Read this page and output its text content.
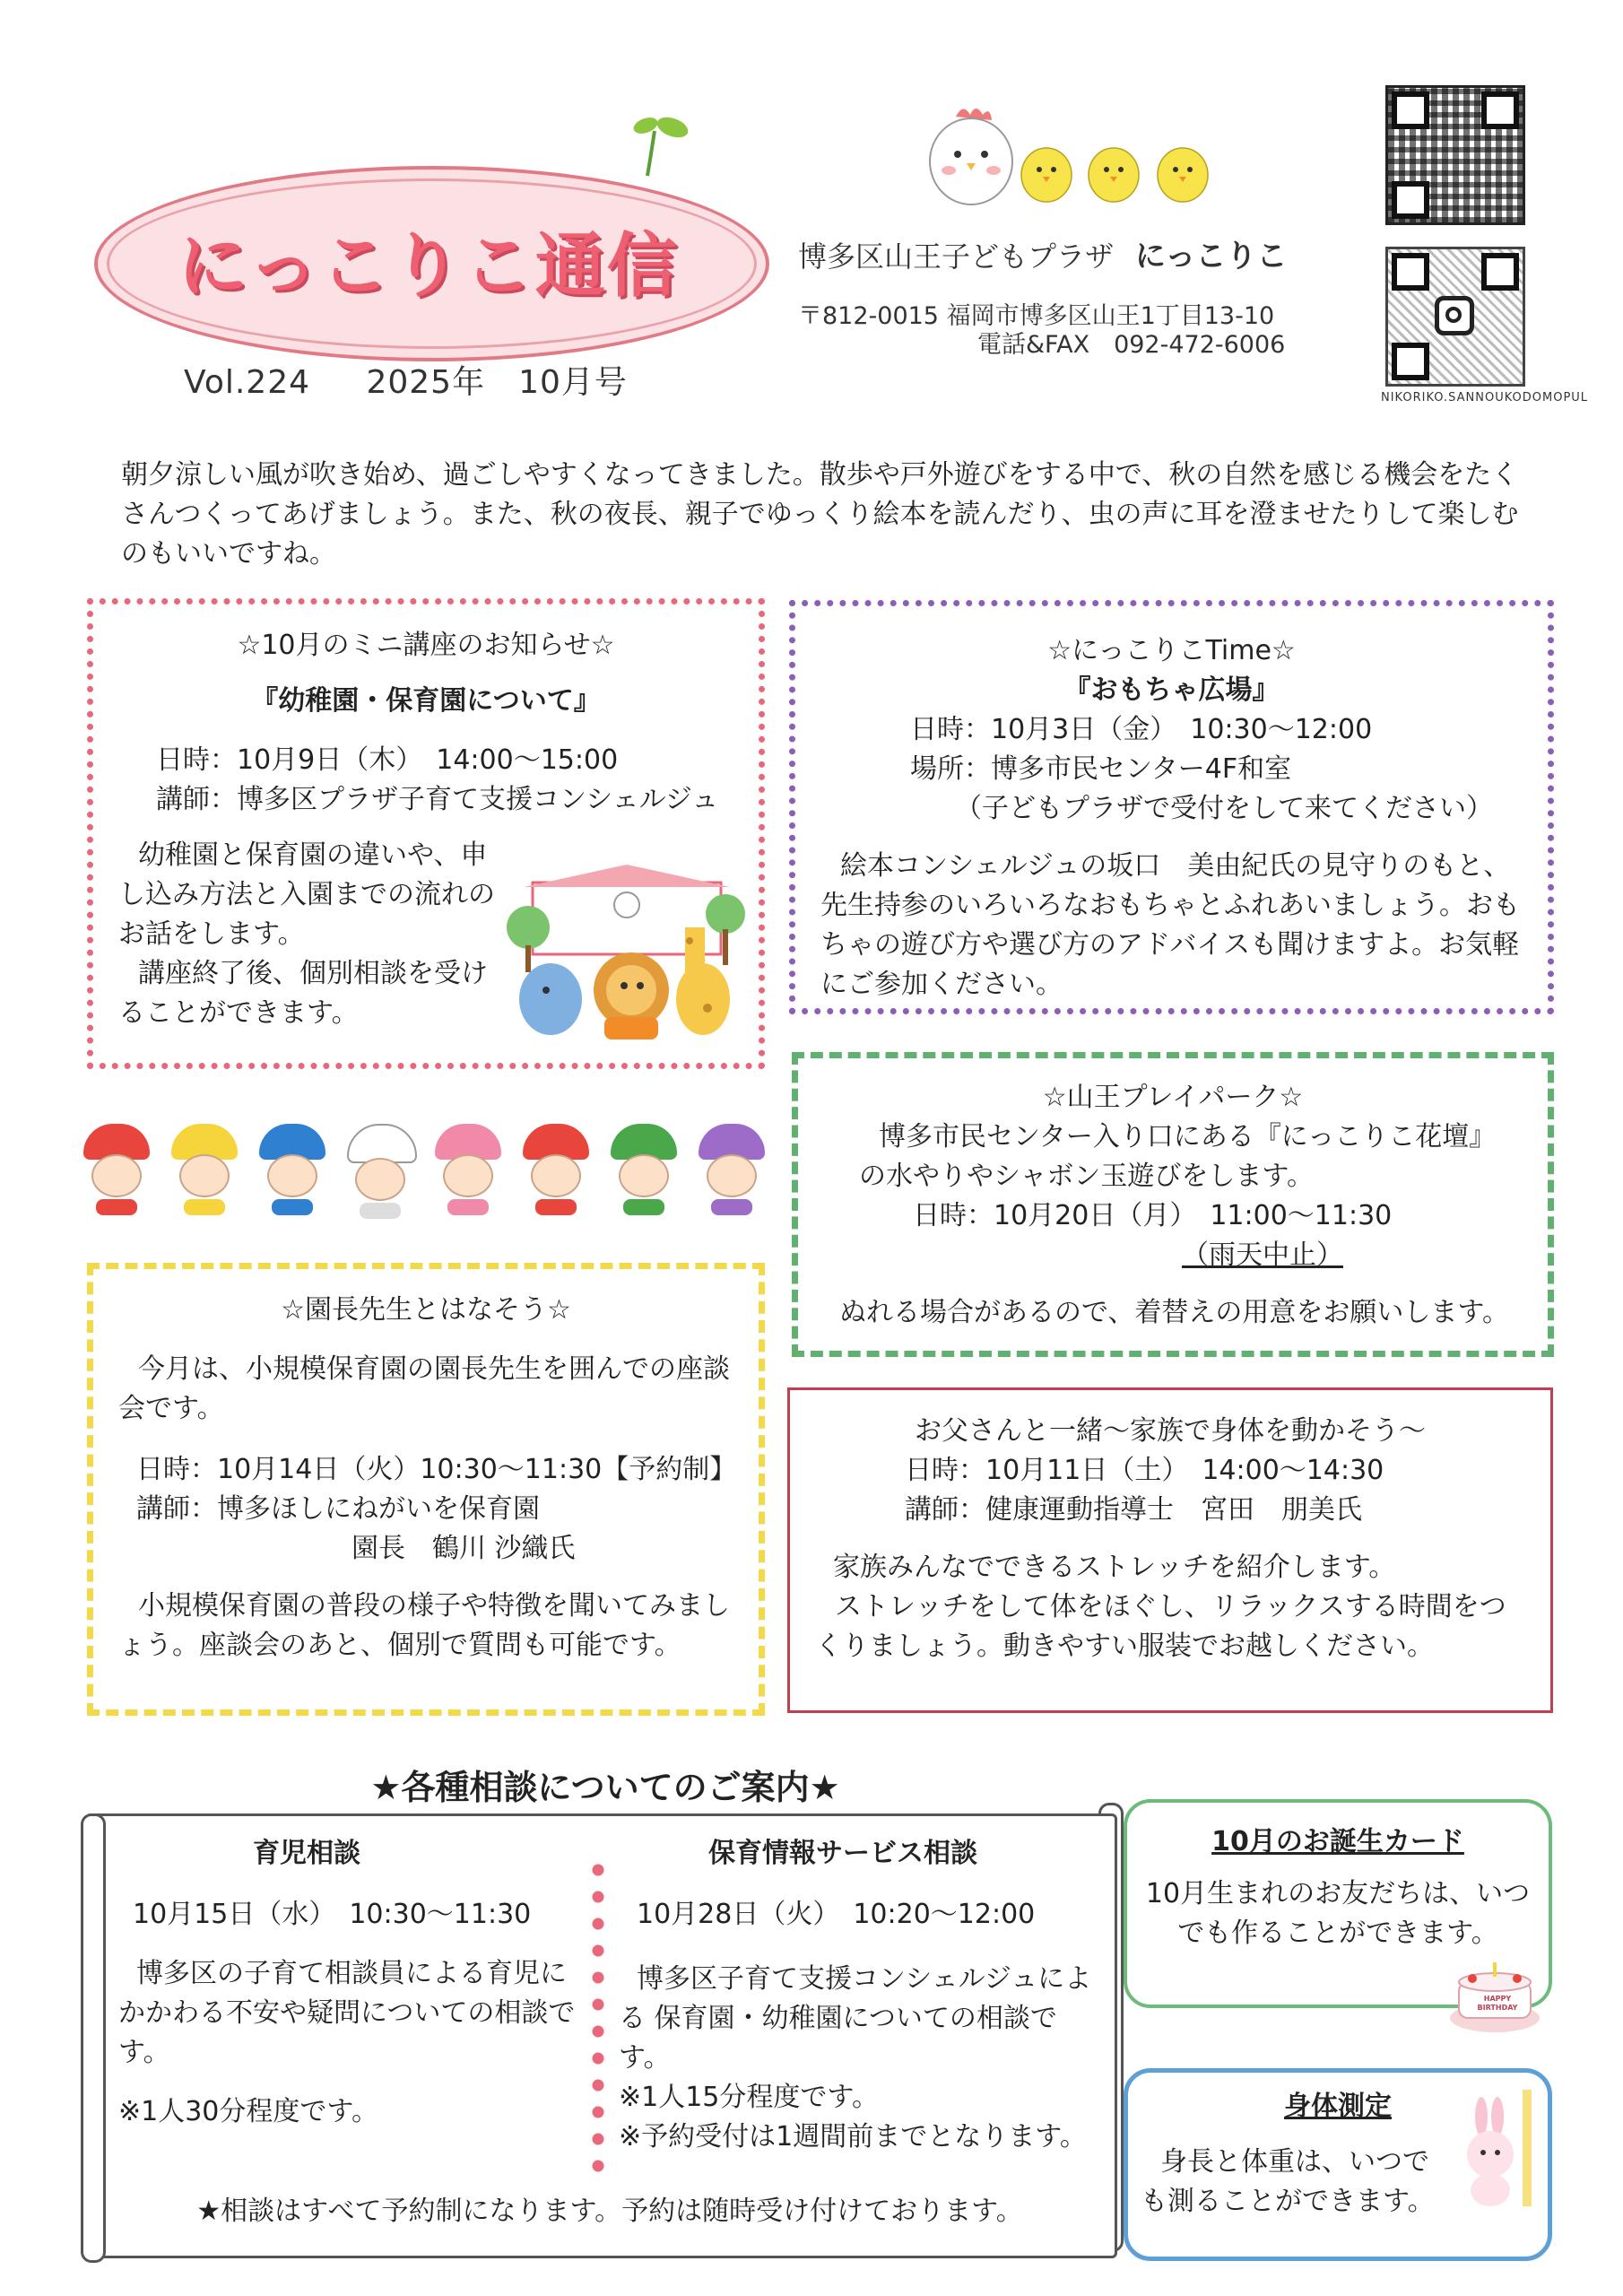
にっこりこ通信
Vol.224 2025年　10月号
博多区山王子どもプラザ にっこりこ
〒812-0015 福岡市博多区山王1丁目13-10
電話&FAX　092-472-6006
NIKORIKO.SANNOUKODOMOPUL
朝夕涼しい風が吹き始め、過ごしやすくなってきました。散歩や戸外遊びをする中で、秋の自然を感じる機会をたくさんつくってあげましょう。また、秋の夜長、親子でゆっくり絵本を読んだり、虫の声に耳を澄ませたりして楽しむのもいいですね。
☆10月のミニ講座のお知らせ☆
『幼稚園・保育園について』
日時：10月9日（木）　14:00～15:00
講師：博多区プラザ子育て支援コンシェルジュ
幼稚園と保育園の違いや、申し込み方法と入園までの流れのお話をします。
講座終了後、個別相談を受けることができます。
☆にっこりこTime☆
『おもちゃ広場』
日時：10月3日（金）　10:30～12:00
場所：博多市民センター4F和室
（子どもプラザで受付をして来てください）
絵本コンシェルジュの坂口　美由紀氏の見守りのもと、先生持参のいろいろなおもちゃとふれあいましょう。おもちゃの遊び方や選び方のアドバイスも聞けますよ。お気軽にご参加ください。
☆山王プレイパーク☆
博多市民センター入り口にある『にっこりこ花壇』の水やりやシャボン玉遊びをします。
日時：10月20日（月）　11:00～11:30
（雨天中止）
ぬれる場合があるので、着替えの用意をお願いします。
☆園長先生とはなそう☆
今月は、小規模保育園の園長先生を囲んでの座談会です。
日時：10月14日（火）10:30～11:30【予約制】
講師：博多ほしにねがいを保育園
園長　鶴川 沙織氏
小規模保育園の普段の様子や特徴を聞いてみましょう。座談会のあと、個別で質問も可能です。
お父さんと一緒～家族で身体を動かそう～
日時：10月11日（土）　14:00～14:30
講師：健康運動指導士　宮田　朋美氏
家族みんなでできるストレッチを紹介します。
ストレッチをして体をほぐし、リラックスする時間をつくりましょう。動きやすい服装でお越しください。
★各種相談についてのご案内★
育児相談
10月15日（水）　10:30～11:30
博多区の子育て相談員による育児にかかわる不安や疑問についての相談です。
※1人30分程度です。
保育情報サービス相談
10月28日（火）　10:20～12:00
博多区子育て支援コンシェルジュによる 保育園・幼稚園についての相談です。
※1人15分程度です。
※予約受付は1週間前までとなります。
★相談はすべて予約制になります。予約は随時受け付けております。
10月のお誕生カード
10月生まれのお友だちは、いつでも作ることができます。
HAPPY BIRTHDAY
身体測定
身長と体重は、いつでも測ることができます。
